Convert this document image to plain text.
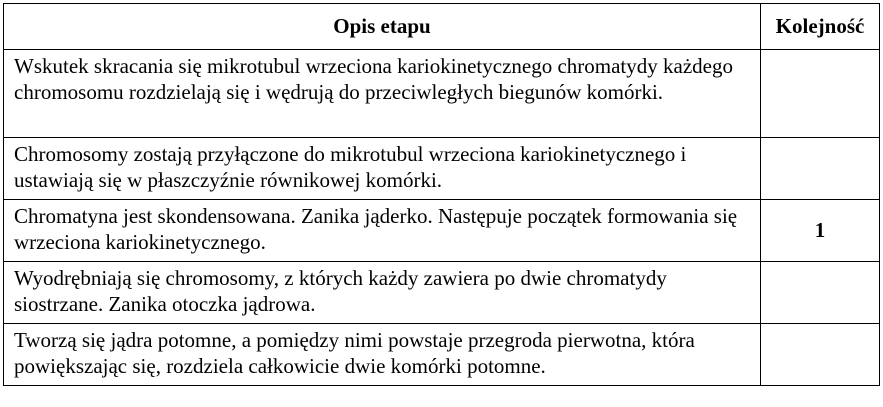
Opis etapu	Kolejność
Wskutek skracania się mikrotubul wrzeciona kariokinetycznego chromatydy każdego chromosomu rozdzielają się i wędrują do przeciwległych biegunów komórki.	
Chromosomy zostają przyłączone do mikrotubul wrzeciona kariokinetycznego i ustawiają się w płaszczyźnie równikowej komórki.	
Chromatyna jest skondensowana. Zanika jąderko. Następuje początek formowania się wrzeciona kariokinetycznego.	1
Wyodrębniają się chromosomy, z których każdy zawiera po dwie chromatydy siostrzane. Zanika otoczka jądrowa.	
Tworzą się jądra potomne, a pomiędzy nimi powstaje przegroda pierwotna, która powiększając się, rozdziela całkowicie dwie komórki potomne.	
